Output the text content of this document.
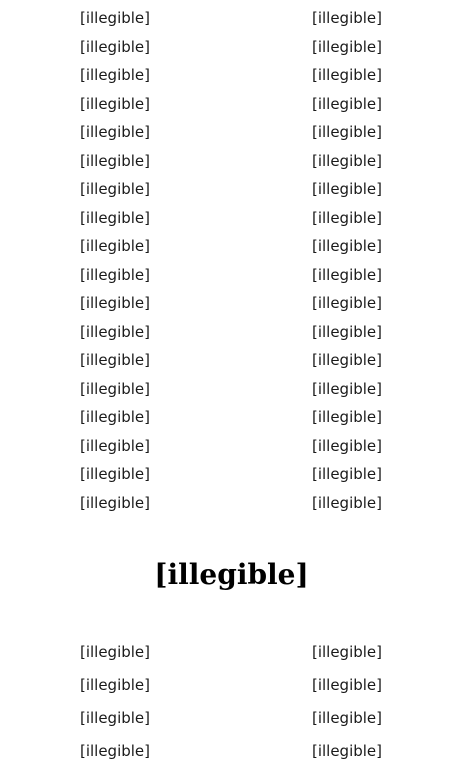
[illegible]
[illegible]
[illegible]
[illegible]
[illegible]
[illegible]
[illegible]
[illegible]
[illegible]
[illegible]
[illegible]
[illegible]
[illegible]
[illegible]
[illegible]
[illegible]
[illegible]
[illegible]
[illegible]
[illegible]
[illegible]
[illegible]
[illegible]
[illegible]
[illegible]
[illegible]
[illegible]
[illegible]
[illegible]
[illegible]
[illegible]
[illegible]
[illegible]
[illegible]
[illegible]
[illegible]
[illegible]
[illegible]
[illegible]
[illegible]
[illegible]
[illegible]
[illegible]
[illegible]
[illegible]
